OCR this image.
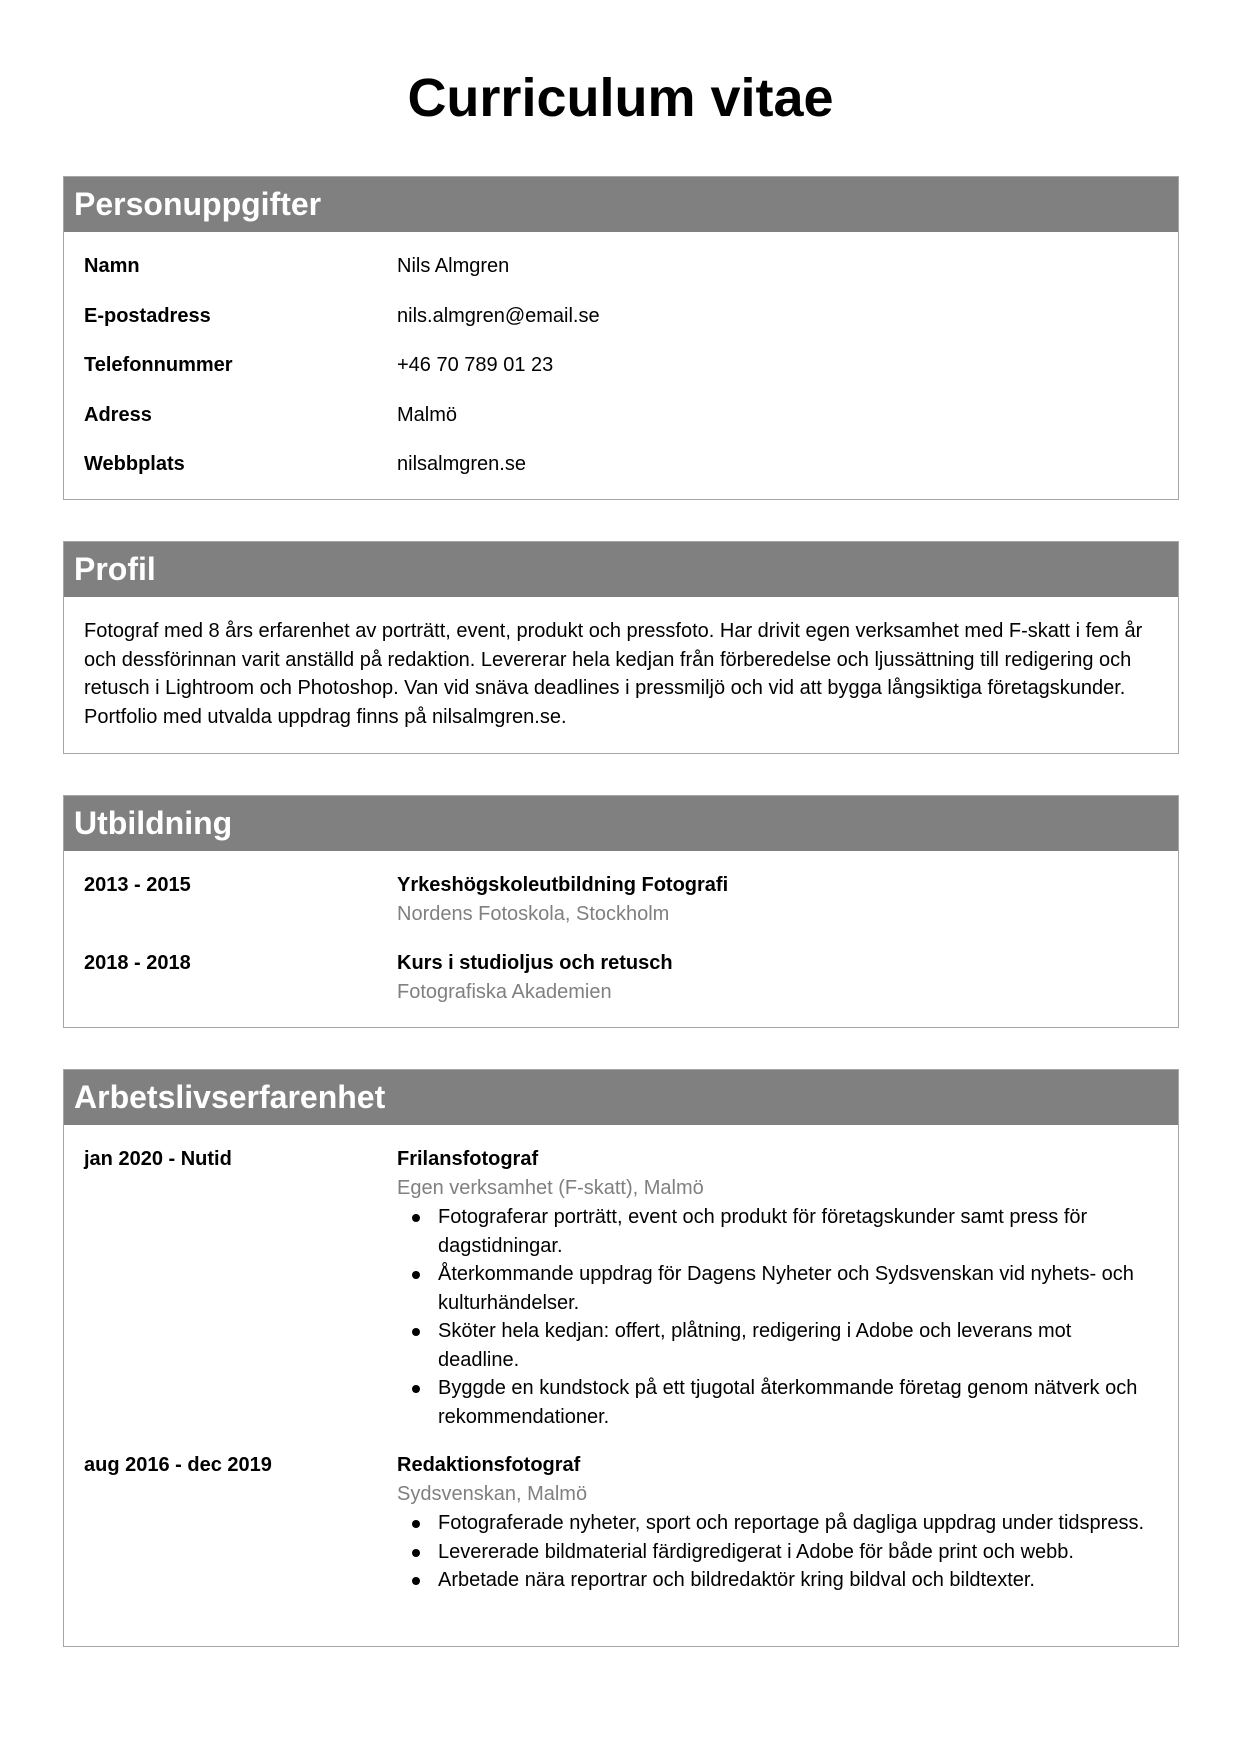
Curriculum vitae
Personuppgifter
Namn	Nils Almgren
E-postadress	nils.almgren@email.se
Telefonnummer	+46 70 789 01 23
Adress	Malmö
Webbplats	nilsalmgren.se
Profil

Fotograf med 8 års erfarenhet av porträtt, event, produkt och pressfoto. Har drivit egen verksamhet med F-skatt i fem år och dessförinnan varit anställd på redaktion. Levererar hela kedjan från förberedelse och ljussättning till redigering och retusch i Lightroom och Photoshop. Van vid snäva deadlines i pressmiljö och vid att bygga långsiktiga företagskunder. Portfolio med utvalda uppdrag finns på nilsalmgren.se.

Utbildning
2013 - 2015	Yrkeshögskoleutbildning Fotografi
Nordens Fotoskola, Stockholm
2018 - 2018	Kurs i studioljus och retusch
Fotografiska Akademien
Arbetslivserfarenhet
jan 2020 - Nutid	Frilansfotograf
Egen verksamhet (F-skatt), Malmö
Fotograferar porträtt, event och produkt för företagskunder samt press för dagstidningar.
Återkommande uppdrag för Dagens Nyheter och Sydsvenskan vid nyhets- och kulturhändelser.
Sköter hela kedjan: offert, plåtning, redigering i Adobe och leverans mot deadline.
Byggde en kundstock på ett tjugotal återkommande företag genom nätverk och rekommendationer.
aug 2016 - dec 2019	Redaktionsfotograf
Sydsvenskan, Malmö
Fotograferade nyheter, sport och reportage på dagliga uppdrag under tidspress.
Levererade bildmaterial färdigredigerat i Adobe för både print och webb.
Arbetade nära reportrar och bildredaktör kring bildval och bildtexter.
